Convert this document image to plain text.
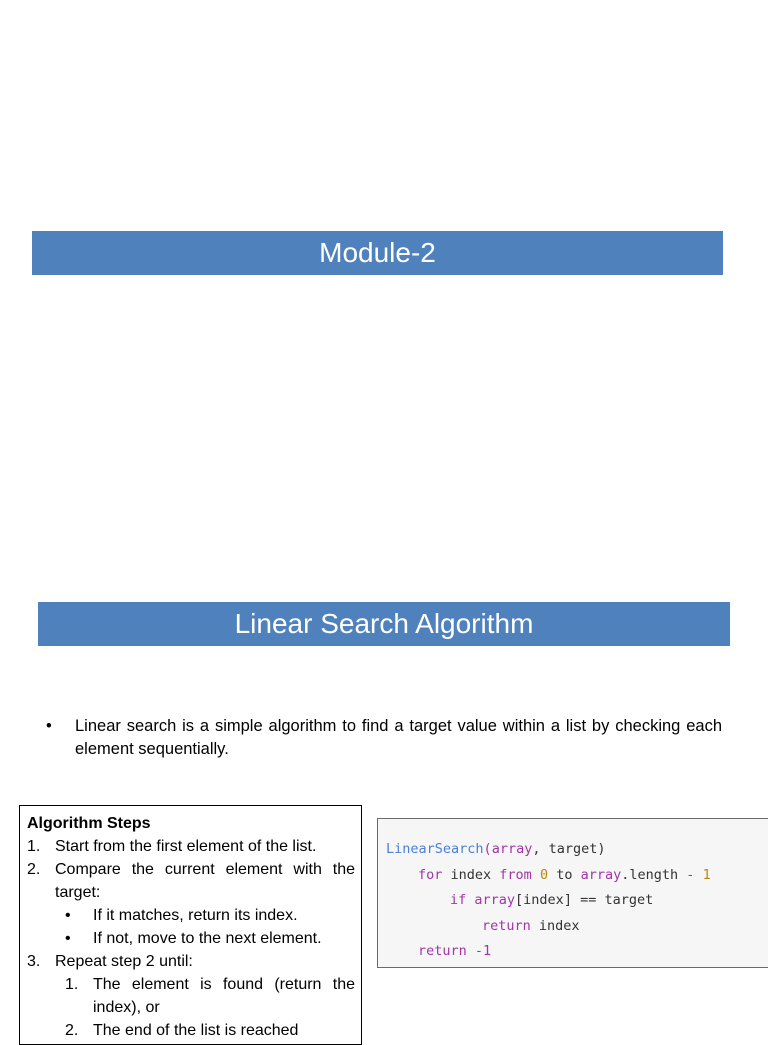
Module-2
Linear Search Algorithm
•	Linear search is a simple algorithm to find a target value within a list by checking each element sequentially.
Algorithm Steps
1. Start from the first element of the list.
2. Compare the current element with the target:
•	If it matches, return its index.
•	If not, move to the next element.
3. Repeat step 2 until:
1. The element is found (return the index), or
2. The end of the list is reached
LinearSearch(array, target)
for index from 0 to array.length - 1
if array[index] == target
return index
return -1
